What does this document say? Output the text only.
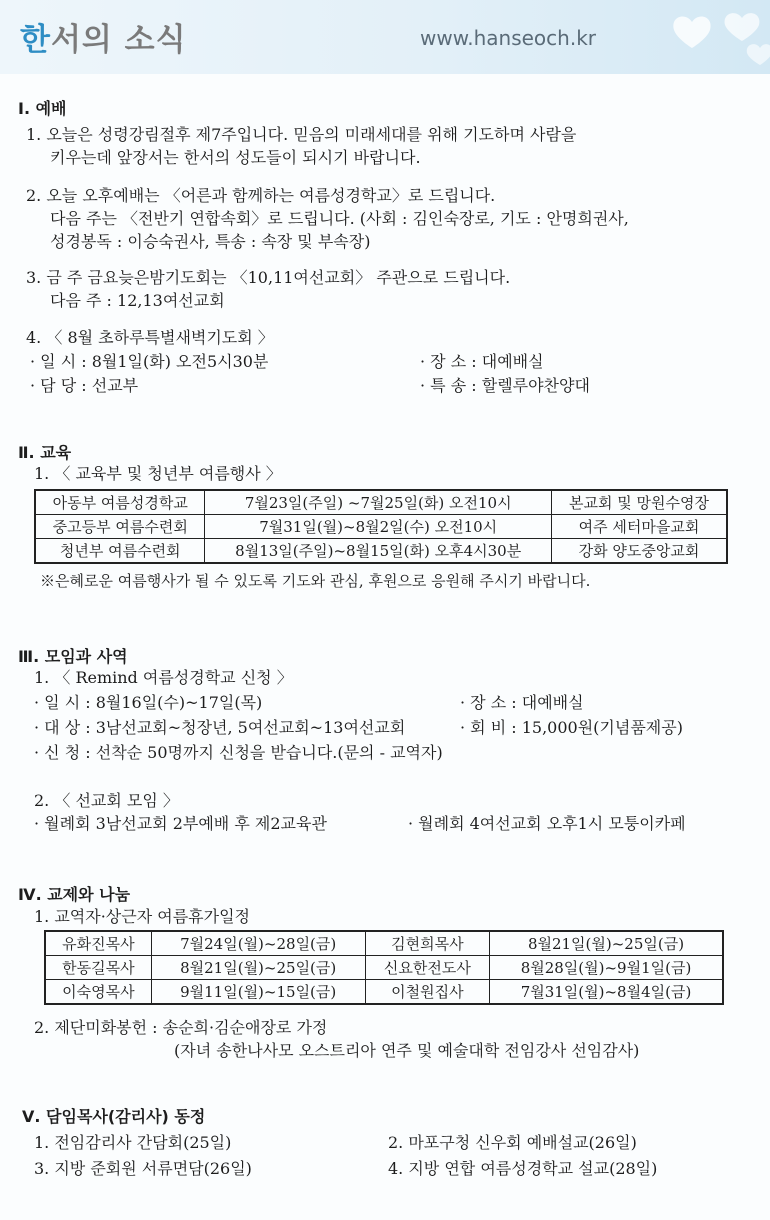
한서의 소식	www.hanseoch.kr
Ⅰ. 예배
1. 오늘은 성령강림절후 제7주입니다. 믿음의 미래세대를 위해 기도하며 사람을
키우는데 앞장서는 한서의 성도들이 되시기 바랍니다.
2. 오늘 오후예배는 〈어른과 함께하는 여름성경학교〉로 드립니다.
다음 주는 〈전반기 연합속회〉로 드립니다. (사회 : 김인숙장로, 기도 : 안명희권사,
성경봉독 : 이승숙권사, 특송 : 속장 및 부속장)
3. 금 주 금요늦은밤기도회는 〈10,11여선교회〉 주관으로 드립니다.
다음 주 : 12,13여선교회
4. 〈 8월 초하루특별새벽기도회 〉
· 일 시 : 8월1일(화) 오전5시30분	· 장 소 : 대예배실
· 담 당 : 선교부	· 특 송 : 할렐루야찬양대
Ⅱ. 교육
1. 〈 교육부 및 청년부 여름행사 〉
아동부 여름성경학교	7월23일(주일) ~7월25일(화) 오전10시	본교회 및 망원수영장
중고등부 여름수련회	7월31일(월)~8월2일(수) 오전10시	여주 세터마을교회
청년부 여름수련회	8월13일(주일)~8월15일(화) 오후4시30분	강화 양도중앙교회
※은혜로운 여름행사가 될 수 있도록 기도와 관심, 후원으로 응원해 주시기 바랍니다.
Ⅲ. 모임과 사역
1. 〈 Remind 여름성경학교 신청 〉
· 일 시 : 8월16일(수)~17일(목)	· 장 소 : 대예배실
· 대 상 : 3남선교회~청장년, 5여선교회~13여선교회	· 회 비 : 15,000원(기념품제공)
· 신 청 : 선착순 50명까지 신청을 받습니다.(문의 - 교역자)
2. 〈 선교회 모임 〉
· 월례회 3남선교회 2부예배 후 제2교육관	· 월례회 4여선교회 오후1시 모퉁이카페
Ⅳ. 교제와 나눔
1. 교역자·상근자 여름휴가일정
유화진목사	7월24일(월)~28일(금)	김현희목사	8월21일(월)~25일(금)
한동길목사	8월21일(월)~25일(금)	신요한전도사	8월28일(월)~9월1일(금)
이숙영목사	9월11일(월)~15일(금)	이철원집사	7월31일(월)~8월4일(금)
2. 제단미화봉헌 : 송순희·김순애장로 가정
(자녀 송한나사모 오스트리아 연주 및 예술대학 전임강사 선임감사)
Ⅴ. 담임목사(감리사) 동정
1. 전임감리사 간담회(25일)	2. 마포구청 신우회 예배설교(26일)
3. 지방 준회원 서류면담(26일)	4. 지방 연합 여름성경학교 설교(28일)
